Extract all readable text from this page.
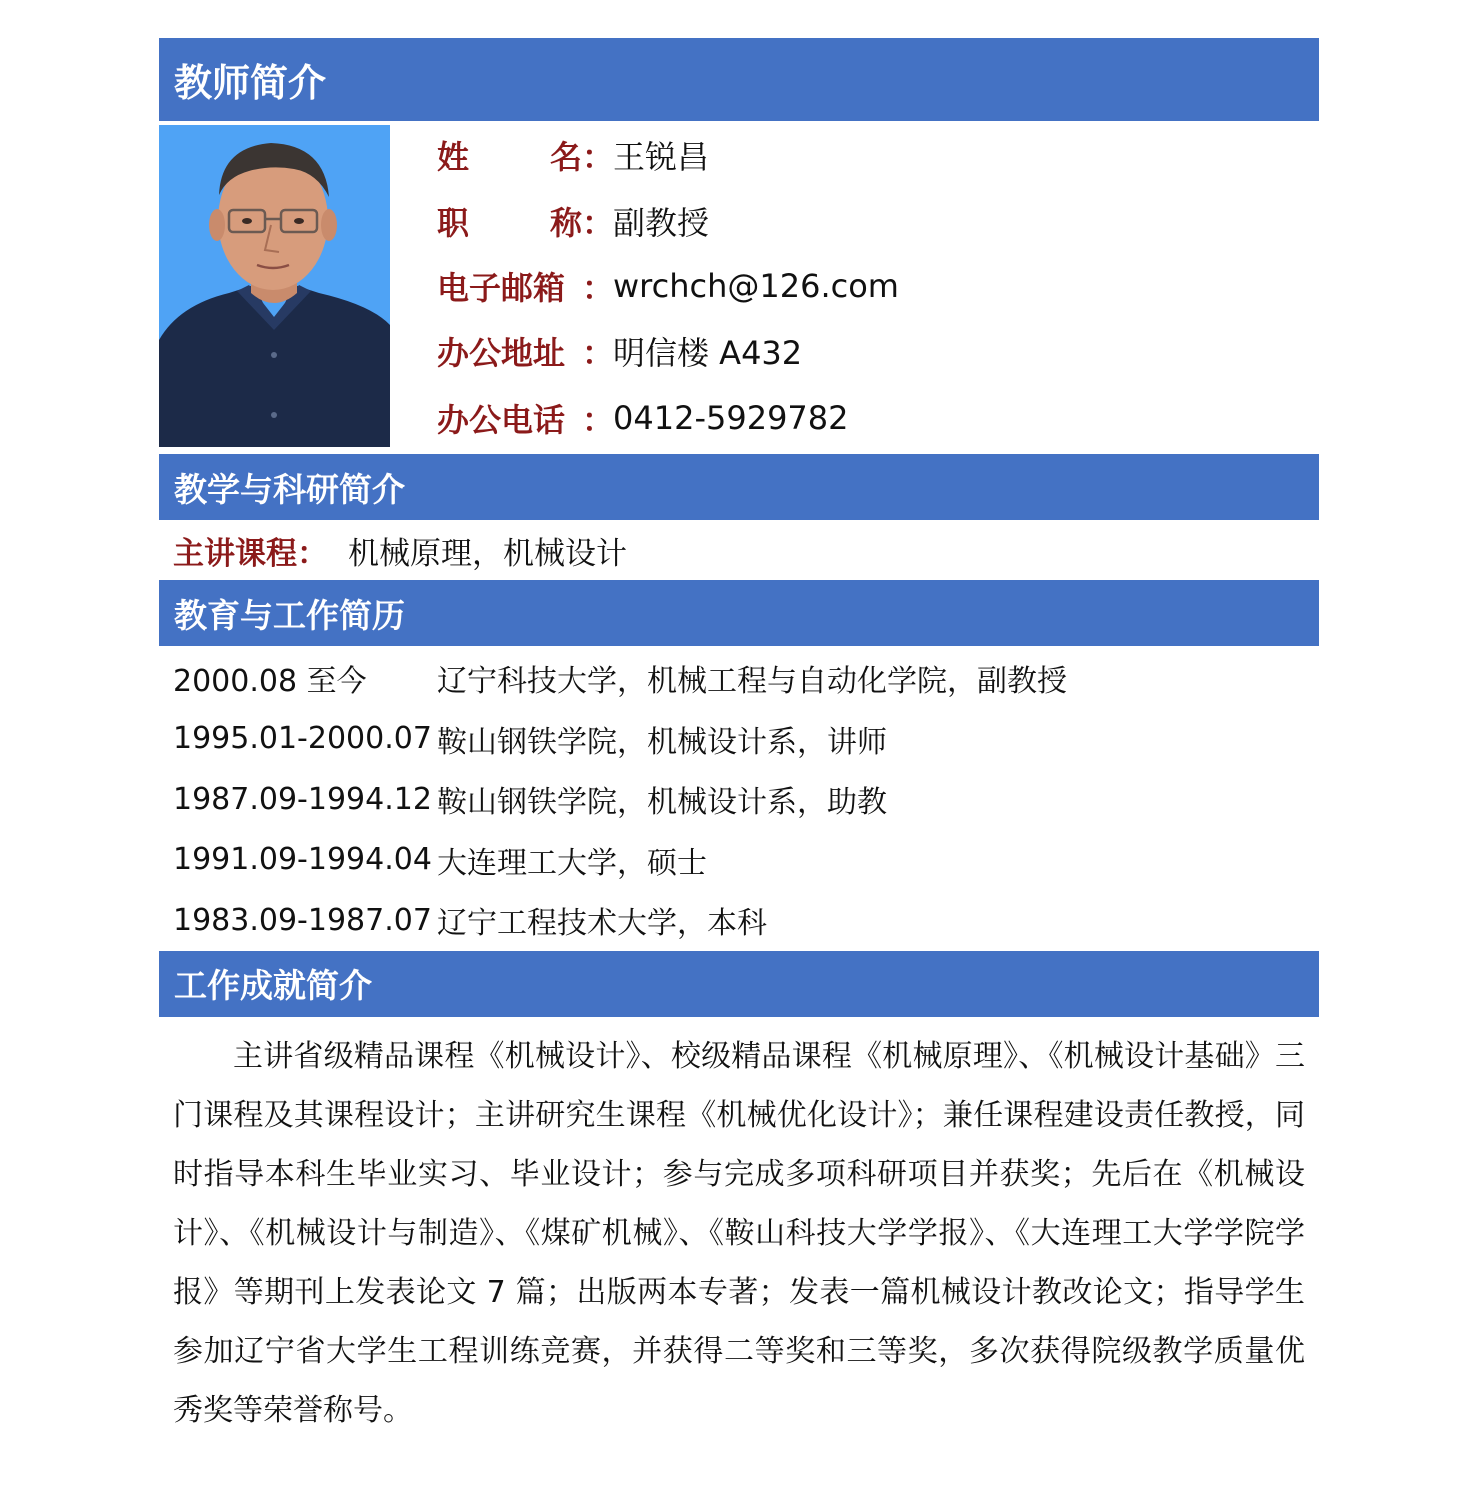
教师简介
姓	名 ：
王锐昌
职	称 ：
副教授
电子邮箱 ：
wrchch@126.com
办公地址 ：
明信楼 A432
办公电话 ：
0412-5929782
教学与科研简介
主讲课程： 机械原理，机械设计
教育与工作简历
2000.08 至今	辽宁科技大学，机械工程与自动化学院，副教授
1995.01-2000.07 鞍山钢铁学院，机械设计系，讲师
1987.09-1994.12 鞍山钢铁学院，机械设计系，助教
1991.09-1994.04 大连理工大学，硕士
1983.09-1987.07 辽宁工程技术大学，本科
工作成就简介

主讲省级精品课程《机械设计》、校级精品课程《机械原理》、《机械设计基础》三门课程及其课程设计；主讲研究生课程《机械优化设计》；兼任课程建设责任教授，同时指导本科生毕业实习、毕业设计；参与完成多项科研项目并获奖；先后在《机械设计》、《机械设计与制造》、《煤矿机械》、《鞍山科技大学学报》、《大连理工大学学院学报》等期刊上发表论文 7 篇；出版两本专著；发表一篇机械设计教改论文；指导学生参加辽宁省大学生工程训练竞赛，并获得二等奖和三等奖，多次获得院级教学质量优秀奖等荣誉称号。
